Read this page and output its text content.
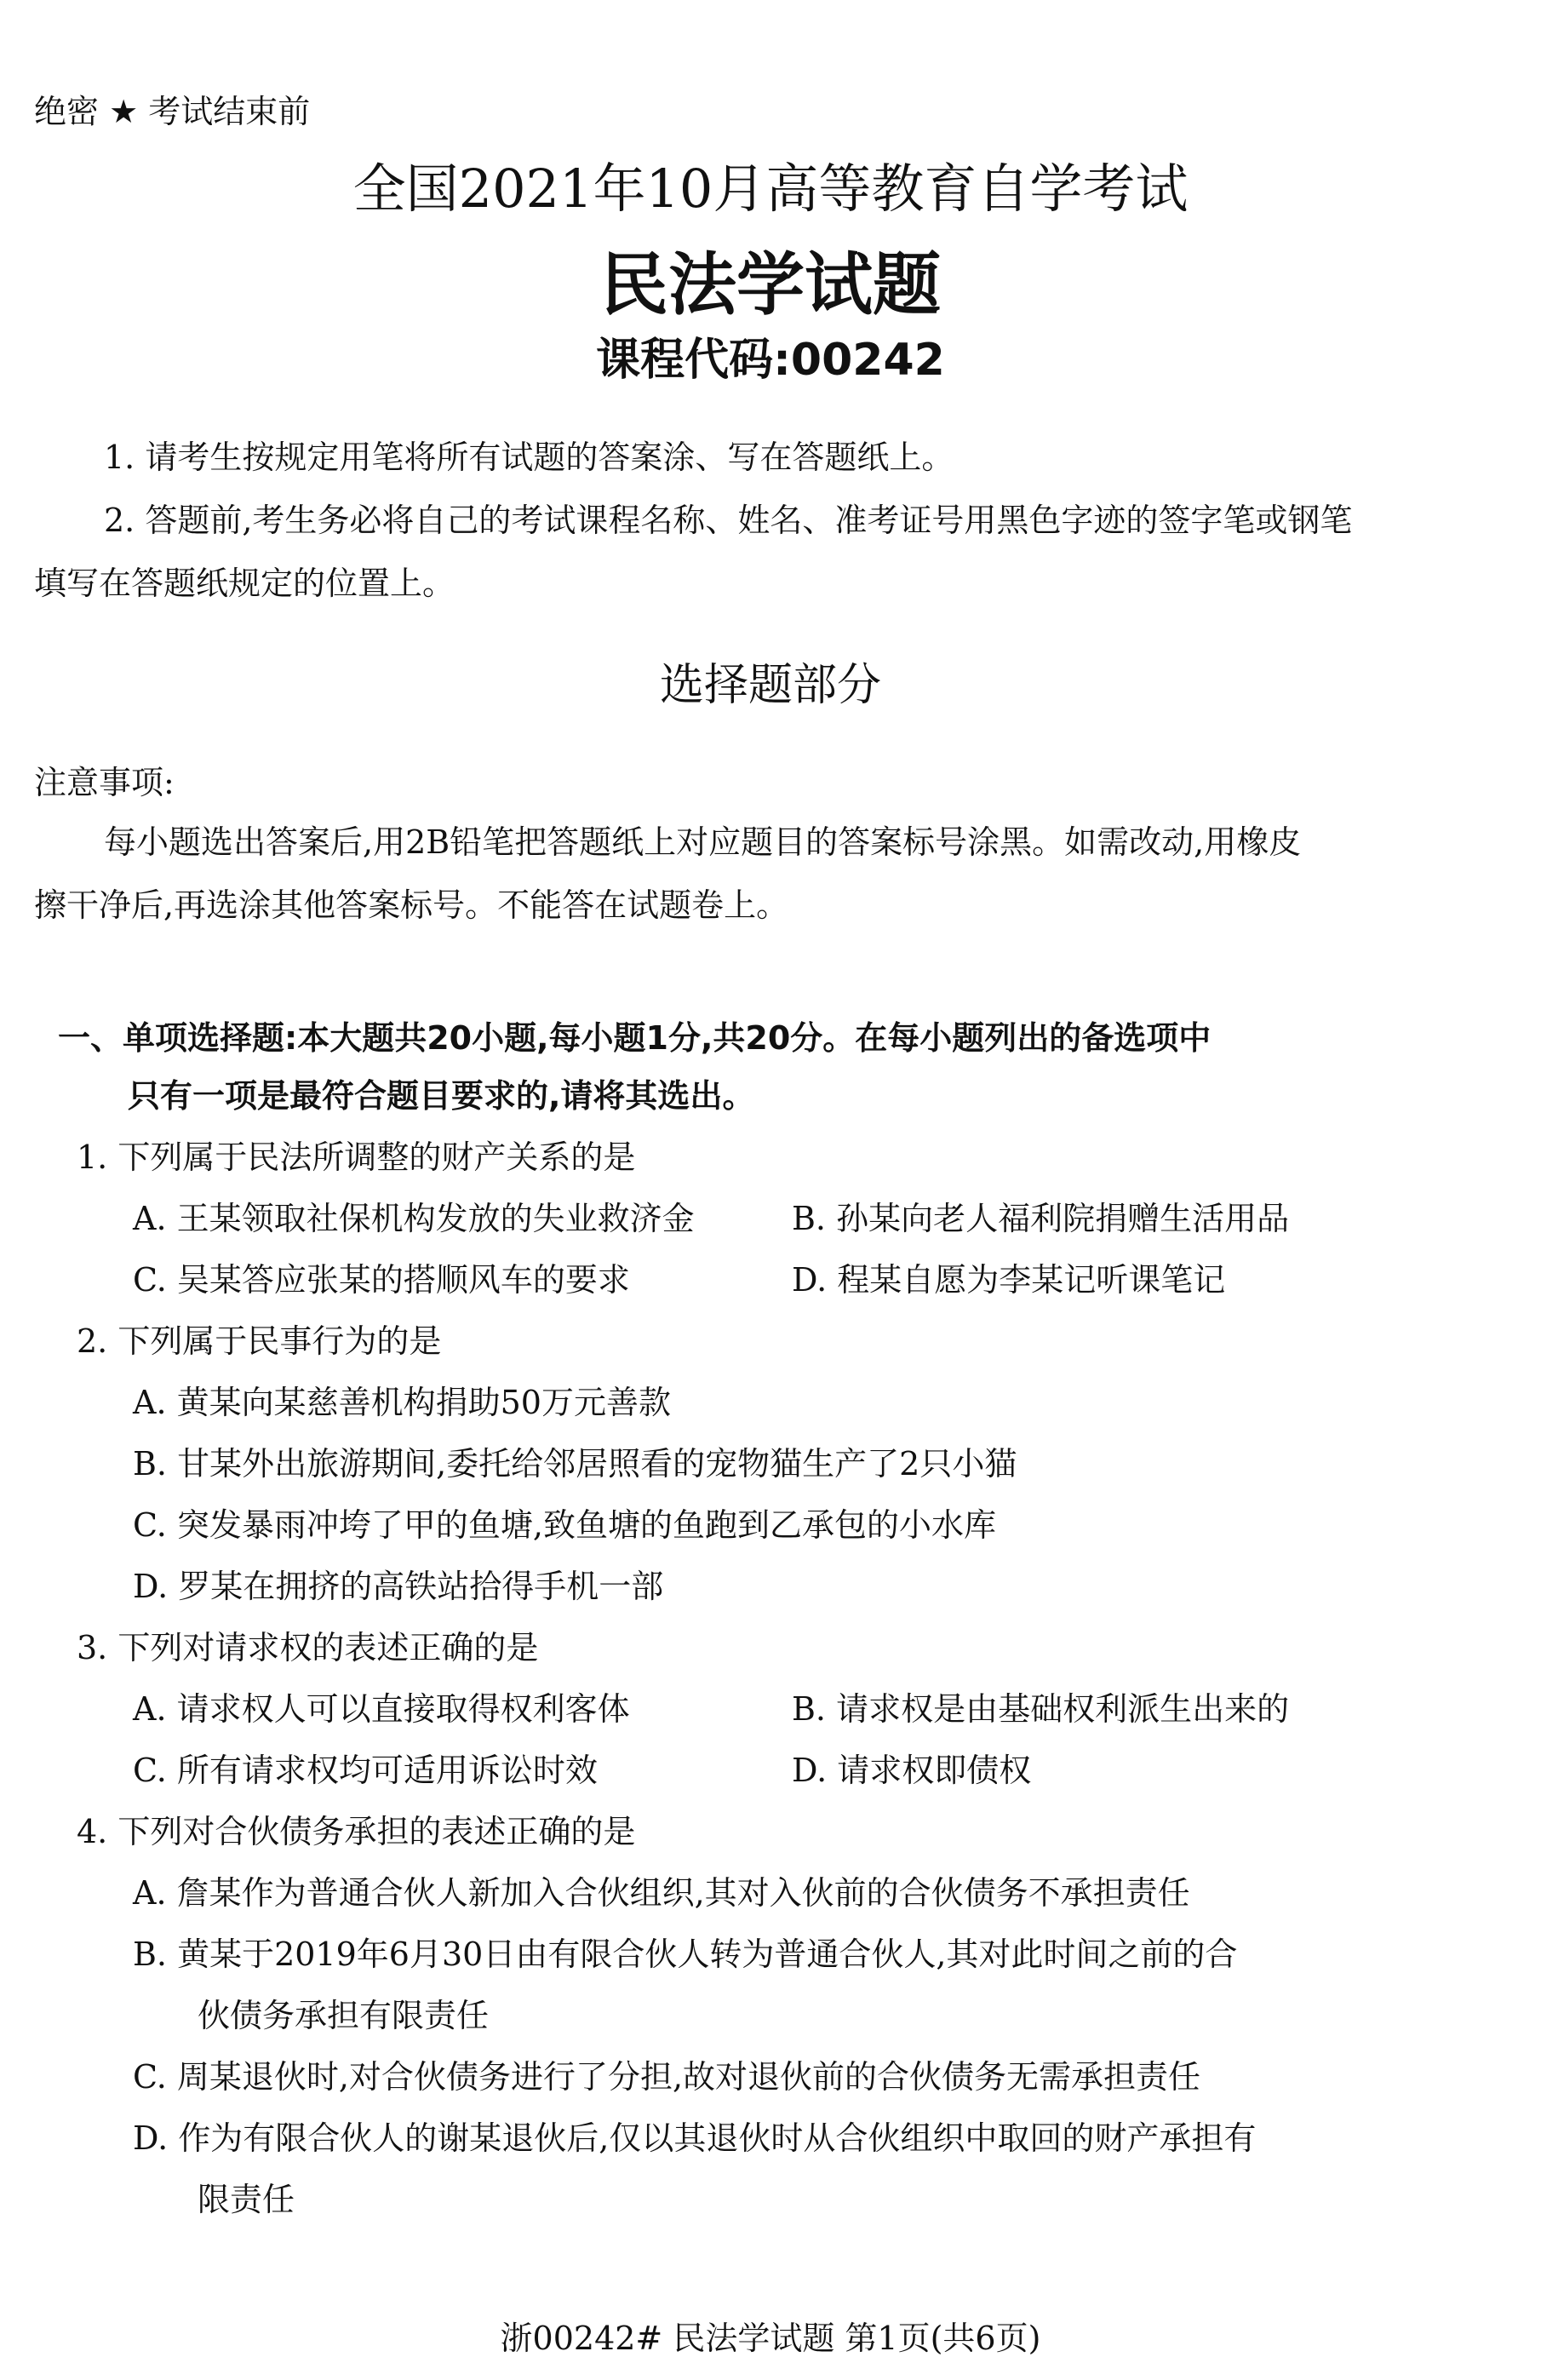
绝密 ★ 考试结束前
全国2021年10月高等教育自学考试
民法学试题
课程代码:00242
1. 请考生按规定用笔将所有试题的答案涂、写在答题纸上。
2. 答题前,考生务必将自己的考试课程名称、姓名、准考证号用黑色字迹的签字笔或钢笔
填写在答题纸规定的位置上。
选择题部分
注意事项:
每小题选出答案后,用2B铅笔把答题纸上对应题目的答案标号涂黑。如需改动,用橡皮
擦干净后,再选涂其他答案标号。不能答在试题卷上。
一、单项选择题:本大题共20小题,每小题1分,共20分。在每小题列出的备选项中
只有一项是最符合题目要求的,请将其选出。
1. 下列属于民法所调整的财产关系的是
A. 王某领取社保机构发放的失业救济金	B. 孙某向老人福利院捐赠生活用品
C. 吴某答应张某的搭顺风车的要求	D. 程某自愿为李某记听课笔记
2. 下列属于民事行为的是
A. 黄某向某慈善机构捐助50万元善款
B. 甘某外出旅游期间,委托给邻居照看的宠物猫生产了2只小猫
C. 突发暴雨冲垮了甲的鱼塘,致鱼塘的鱼跑到乙承包的小水库
D. 罗某在拥挤的高铁站拾得手机一部
3. 下列对请求权的表述正确的是
A. 请求权人可以直接取得权利客体	B. 请求权是由基础权利派生出来的
C. 所有请求权均可适用诉讼时效	D. 请求权即债权
4. 下列对合伙债务承担的表述正确的是
A. 詹某作为普通合伙人新加入合伙组织,其对入伙前的合伙债务不承担责任
B. 黄某于2019年6月30日由有限合伙人转为普通合伙人,其对此时间之前的合
伙债务承担有限责任
C. 周某退伙时,对合伙债务进行了分担,故对退伙前的合伙债务无需承担责任
D. 作为有限合伙人的谢某退伙后,仅以其退伙时从合伙组织中取回的财产承担有
限责任
浙00242# 民法学试题 第1页(共6页)
